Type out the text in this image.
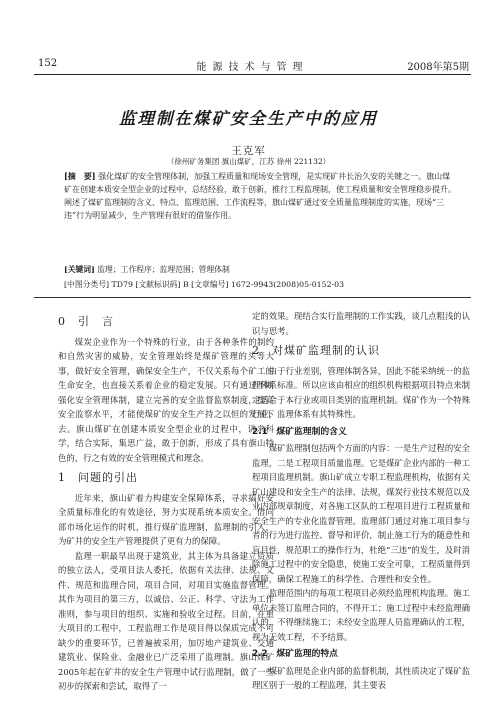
152	能源技术与管理	2008年第5期
监理制在煤矿安全生产中的应用
王克军
（徐州矿务集团 旗山煤矿，江苏 徐州 221132）

[摘　要] 强化煤矿的安全管理体制，加强工程质量和现场安全管理，是实现矿井长治久安的关键之一。旗山煤矿在创建本质安全型企业的过程中，总结经验，敢于创新，推行工程监理制，使工程质量和安全管理稳步提升。阐述了煤矿监理制的含义、特点、监理范围、工作流程等，旗山煤矿通过安全质量监理制度的实施，现场“三违”行为明显减少，生产管理有很好的借鉴作用。

[关键词] 监理；工作程序；监理范围；管理体制
[中图分类号] TD79 [文献标识码] B [文章编号] 1672-9943(2008)05-0152-03
0　引　言

煤炭企业作为一个特殊的行业，由于各种条件的制约和自然灾害的威胁，安全管理始终是煤矿管理的头等大事，做好安全管理，确保安全生产，不仅关系每个矿工的生命安全，也直接关系着企业的稳定发展。只有通过不断强化安全管理体制，建立完善的安全监督监察制度，提高安全监察水平，才能使煤矿的安全生产持之以恒的发展下去。旗山煤矿在创建本质安全型企业的过程中，讲求科学，结合实际，集思广益，敢于创新，形成了具有旗山特色的，行之有效的安全管理模式和理念。

1　问题的引出

近年来，旗山矿着力构建安全保障体系，寻求搞好安全质量标准化的有效途径，努力实现系统本质安全。借向部市场化运作的时机，推行煤矿监理制，监理制的引入，为矿井的安全生产管理提供了更有力的保障。

监理一职最早出现于建筑业，其主体为具备建立资质的独立法人，受项目法人委托，依据有关法律、法规、文件、规范和监理合同，项目合同，对项目实施监督管理。其作为项目的第三方，以诚信、公正、科学、守法为工作准则，参与项目的组织、实施和验收全过程。目前，在重大项目的工程中，工程监理工作是项目得以保质完成不可缺少的重要环节，已普遍被采用，加厉地产建筑业、交通建筑业、保险业、金融业已广泛采用了监理制。旗山煤矿2005年起在矿井的安全生产管理中试行监理制，做了一些初步的探索和尝试，取得了一

定的效果。现结合实行监理制的工作实践，谈几点粗浅的认识与思考。

2　对煤矿监理制的认识

由于行业差别，管理体制各异，因此不能采纳统一的监理体系标准。所以应该由相应的组织机构根据项目特点来制定适合于本行业或项目类别的监理机制。煤矿作为一个特殊行业，监理体系有其特殊性。

2.1　煤矿监理制的含义

煤矿监理制包括两个方面的内容：一是生产过程的安全监理，二是工程项目质量监理。它是煤矿企业内部的一种工程项目监理机制。旗山矿成立专职工程监理机构，依据有关矿山建设和安全生产的法律、法规，煤炭行业技术规范以及业内部规章制度，对各施工区队的工程项目进行工程质量和安全生产的专业化监督管理。监理部门通过对施工项目参与者的行为进行监控、督导和评价，制止施工行为的随意性和盲目性，规范职工的操作行为，杜绝“三违”的发生，及时消除施工过程中的安全隐患，使施工安全可靠，工程质量得到保障，确保工程施工的科学性、合理性和安全性。

监理范围内的每项工程项目必须经监理机构监理。施工单位未签订监理合同的，不得开工；施工过程中未经监理确认的，不得继续施工；未经安全监理人员监理确认的工程，视为无效工程，不予结算。

2.2　煤矿监理的特点

煤矿监理是企业内部的监督机制，其性质决定了煤矿监理区别于一般的工程监理，其主要表
